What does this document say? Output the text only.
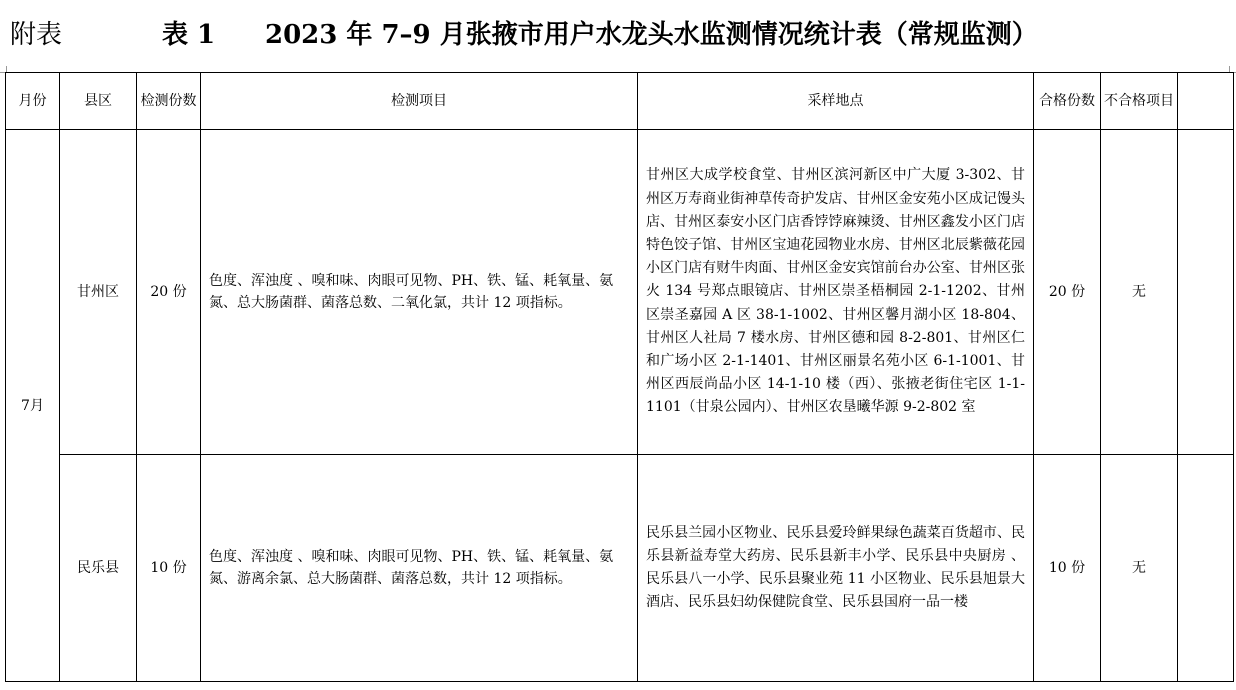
附表	表 1 2023 年 7–9 月张掖市用户水龙头水监测情况统计表（常规监测）
月份	县区	检测份数	检测项目	采样地点	合格份数	不合格项目	
7月	甘州区	20 份	色度、浑浊度 、嗅和味、肉眼可见物、PH、铁、锰、耗氧量、氨氮、总大肠菌群、菌落总数、二氧化氯，共计 12 项指标。	甘州区大成学校食堂、甘州区滨河新区中广大厦 3-302、甘州区万寿商业街神草传奇护发店、甘州区金安苑小区成记馒头店、甘州区泰安小区门店香饽饽麻辣烫、甘州区鑫发小区门店特色饺子馆、甘州区宝迪花园物业水房、甘州区北辰紫薇花园小区门店有财牛肉面、甘州区金安宾馆前台办公室、甘州区张火 134 号郑点眼镜店、甘州区崇圣梧桐园 2-1-1202、甘州区崇圣嘉园 A 区 38-1-1002、甘州区馨月湖小区 18-804、甘州区人社局 7 楼水房、甘州区德和园 8-2-801、甘州区仁和广场小区 2-1-1401、甘州区丽景名苑小区 6-1-1001、甘州区西辰尚品小区 14-1-10 楼（西）、张掖老街住宅区 1-1-1101（甘泉公园内）、甘州区农垦曦华源 9-2-802 室	20 份	无	
	民乐县	10 份	色度、浑浊度 、嗅和味、肉眼可见物、PH、铁、锰、耗氧量、氨氮、游离余氯、总大肠菌群、菌落总数，共计 12 项指标。	民乐县兰园小区物业、民乐县爱玲鲜果绿色蔬菜百货超市、民乐县新益寿堂大药房、民乐县新丰小学、民乐县中央厨房 、民乐县八一小学、民乐县聚业苑 11 小区物业、民乐县旭景大酒店、民乐县妇幼保健院食堂、民乐县国府一品一楼	10 份	无	
